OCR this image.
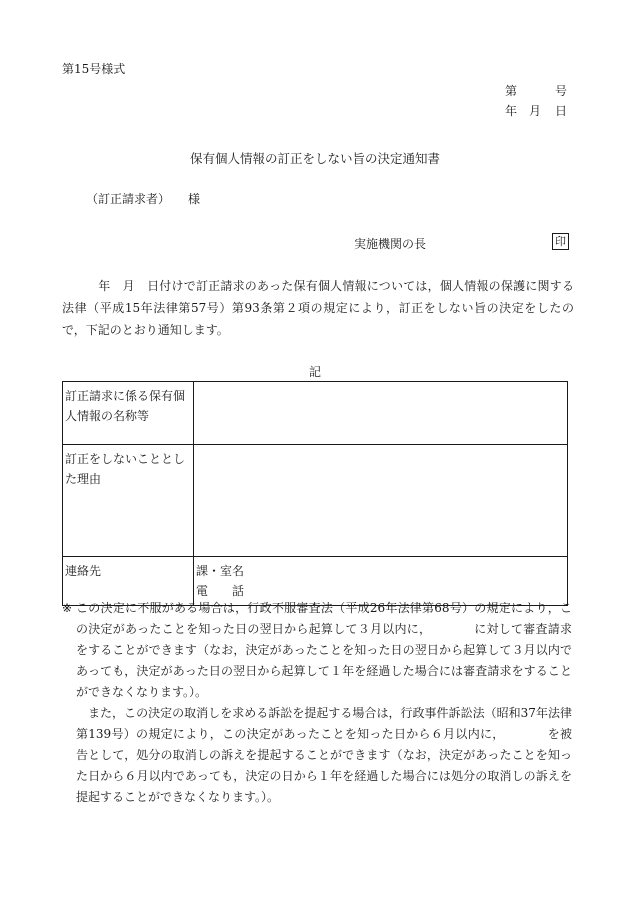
第15号様式
第	号
年 月 日
保有個人情報の訂正をしない旨の決定通知書
（訂正請求者） 様
実施機関の長	印
年　 月　 日付けで訂正請求のあった保有個人情報については，個人情報の保護に関する法律（平成15年法律第57号）第93条第２項の規定により，訂正をしない旨の決定をしたので，下記のとおり通知します。
記
訂正請求に係る保有個人情報の名称等	
訂正をしないこととした理由	
連絡先	課・室名
電　　話

※ この決定に不服がある場合は，行政不服審査法（平成26年法律第68号）の規定により，この決定があったことを知った日の翌日から起算して３月以内に，　　　　に対して審査請求をすることができます（なお，決定があったことを知った日の翌日から起算して３月以内であっても，決定があった日の翌日から起算して１年を経過した場合には審査請求をすることができなくなります。）。

また，この決定の取消しを求める訴訟を提起する場合は，行政事件訴訟法（昭和37年法律第139号）の規定により，この決定があったことを知った日から６月以内に，　　　　を被告として，処分の取消しの訴えを提起することができます（なお，決定があったことを知った日から６月以内であっても，決定の日から１年を経過した場合には処分の取消しの訴えを提起することができなくなります。）。
